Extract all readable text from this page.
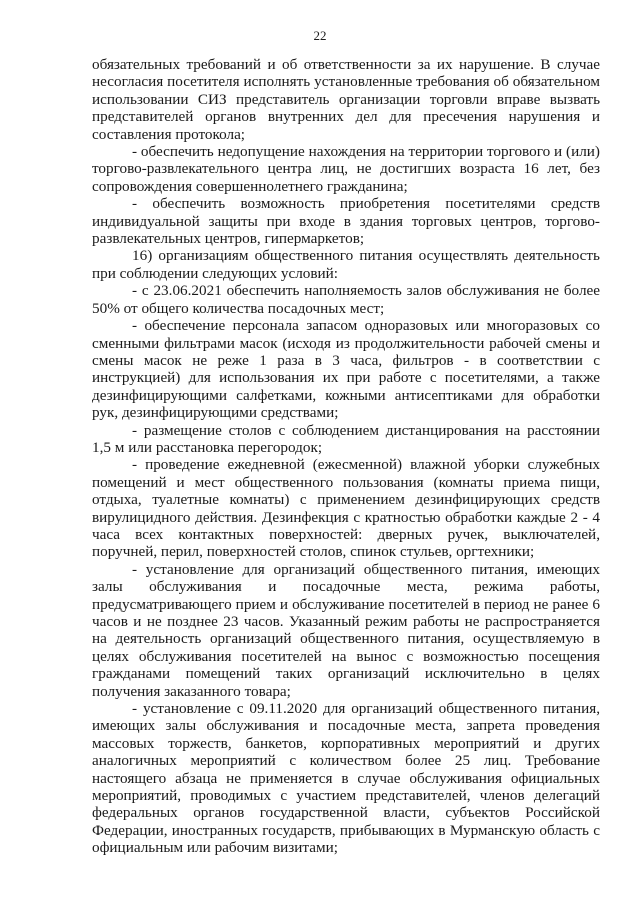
22

обязательных требований и об ответственности за их нарушение. В случае несогласия посетителя исполнять установленные требования об обязательном использовании СИЗ представитель организации торговли вправе вызвать представителей органов внутренних дел для пресечения нарушения и составления протокола;

- обеспечить недопущение нахождения на территории торгового и (или) торгово-развлекательного центра лиц, не достигших возраста 16 лет, без сопровождения совершеннолетнего гражданина;

- обеспечить возможность приобретения посетителями средств индивидуальной защиты при входе в здания торговых центров, торгово-развлекательных центров, гипермаркетов;

16) организациям общественного питания осуществлять деятельность при соблюдении следующих условий:

- с 23.06.2021 обеспечить наполняемость залов обслуживания не более 50% от общего количества посадочных мест;

- обеспечение персонала запасом одноразовых или многоразовых со сменными фильтрами масок (исходя из продолжительности рабочей смены и смены масок не реже 1 раза в 3 часа, фильтров - в соответствии с инструкцией) для использования их при работе с посетителями, а также дезинфицирующими салфетками, кожными антисептиками для обработки рук, дезинфицирующими средствами;

- размещение столов с соблюдением дистанцирования на расстоянии 1,5 м или расстановка перегородок;

- проведение ежедневной (ежесменной) влажной уборки служебных помещений и мест общественного пользования (комнаты приема пищи, отдыха, туалетные комнаты) с применением дезинфицирующих средств вирулицидного действия. Дезинфекция с кратностью обработки каждые 2 - 4 часа всех контактных поверхностей: дверных ручек, выключателей, поручней, перил, поверхностей столов, спинок стульев, оргтехники;

- установление для организаций общественного питания, имеющих залы обслуживания и посадочные места, режима работы, предусматривающего прием и обслуживание посетителей в период не ранее 6 часов и не позднее 23 часов. Указанный режим работы не распространяется на деятельность организаций общественного питания, осуществляемую в целях обслуживания посетителей на вынос с возможностью посещения гражданами помещений таких организаций исключительно в целях получения заказанного товара;

- установление с 09.11.2020 для организаций общественного питания, имеющих залы обслуживания и посадочные места, запрета проведения массовых торжеств, банкетов, корпоративных мероприятий и других аналогичных мероприятий с количеством более 25 лиц. Требование настоящего абзаца не применяется в случае обслуживания официальных мероприятий, проводимых с участием представителей, членов делегаций федеральных органов государственной власти, субъектов Российской Федерации, иностранных государств, прибывающих в Мурманскую область с официальным или рабочим визитами;
